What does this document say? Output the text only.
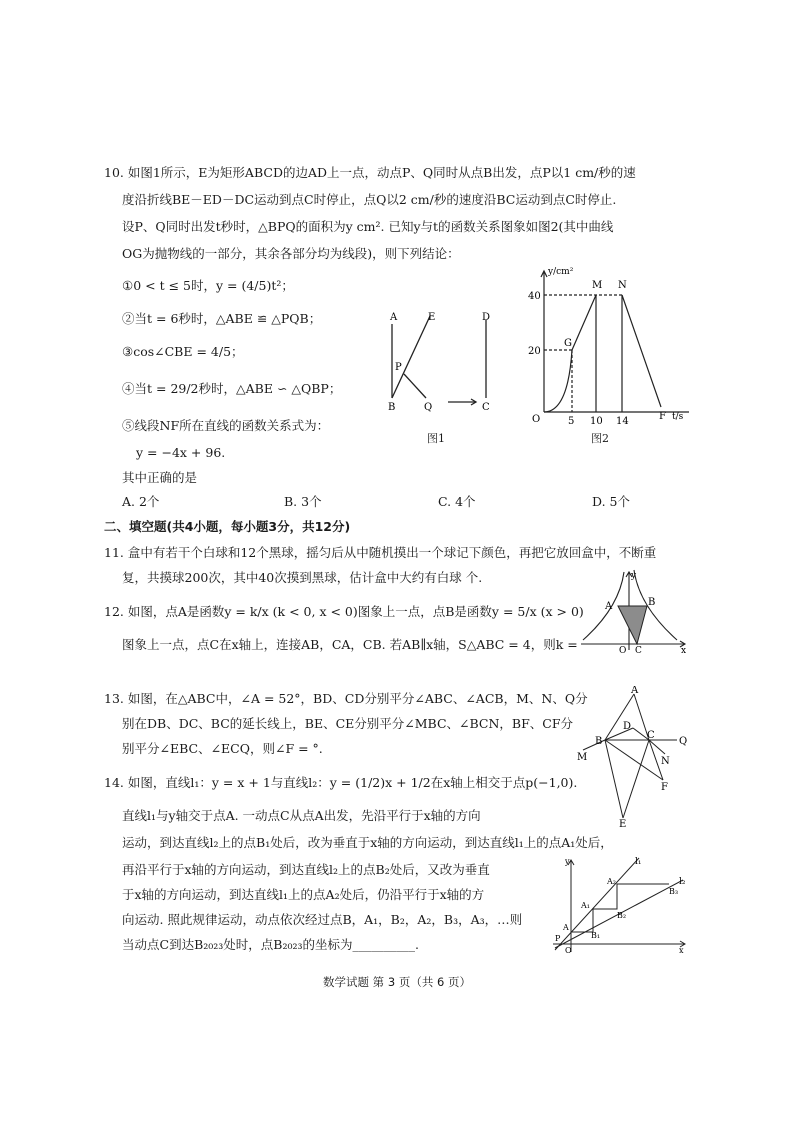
10. 如图1所示，E为矩形ABCD的边AD上一点，动点P、Q同时从点B出发，点P以1 cm/秒的速
度沿折线BE－ED－DC运动到点C时停止，点Q以2 cm/秒的速度沿BC运动到点C时停止.
设P、Q同时出发t秒时，△BPQ的面积为y cm². 已知y与t的函数关系图象如图2(其中曲线
OG为抛物线的一部分，其余各部分均为线段)，则下列结论：
①0 < t ≤ 5时，y = (4/5)t²；
②当t = 6秒时，△ABE ≌ △PQB；
③cos∠CBE = 4/5；
④当t = 29/2秒时，△ABE ∽ △QBP；
⑤线段NF所在直线的函数关系式为：
y = −4x + 96.
其中正确的是
A. 2个	B. 3个	C. 4个	D. 5个
A	E	D
P
B	Q	C
图1
y/cm²
t/s
40
20
5 10 14
O
G
M N
F
图2
二、填空题(共4小题，每小题3分，共12分)
11. 盒中有若干个白球和12个黑球，摇匀后从中随机摸出一个球记下颜色，再把它放回盒中，不断重
复，共摸球200次，其中40次摸到黑球，估计盒中大约有白球 个.
12. 如图，点A是函数y = k/x (k < 0, x < 0)图象上一点，点B是函数y = 5/x (x > 0)
图象上一点，点C在x轴上，连接AB，CA，CB. 若AB∥x轴，S△ABC = 4，则k =
y
A	B
O C	x
13. 如图，在△ABC中，∠A = 52°，BD、CD分别平分∠ABC、∠ACB，M、N、Q分
别在DB、DC、BC的延长线上，BE、CE分别平分∠MBC、∠BCN，BF、CF分
别平分∠EBC、∠ECQ，则∠F = °.
A
D
B
C
Q
M	N
F
E
14. 如图，直线l₁：y = x + 1与直线l₂：y = (1/2)x + 1/2在x轴上相交于点p(−1,0).
直线l₁与y轴交于点A. 一动点C从点A出发，先沿平行于x轴的方向
运动，到达直线l₂上的点B₁处后，改为垂直于x轴的方向运动，到达直线l₁上的点A₁处后，
再沿平行于x轴的方向运动，到达直线l₂上的点B₂处后，又改为垂直
于x轴的方向运动，到达直线l₁上的点A₂处后，仍沿平行于x轴的方
向运动. 照此规律运动，动点依次经过点B，A₁，B₂，A₂，B₃，A₃，…则
当动点C到达B₂₀₂₃处时，点B₂₀₂₃的坐标为__________.
y	l₁
l₂
A₂
B₃
A₁
B₂
A
B₁
P
O	x
数学试题 第 3 页（共 6 页）
